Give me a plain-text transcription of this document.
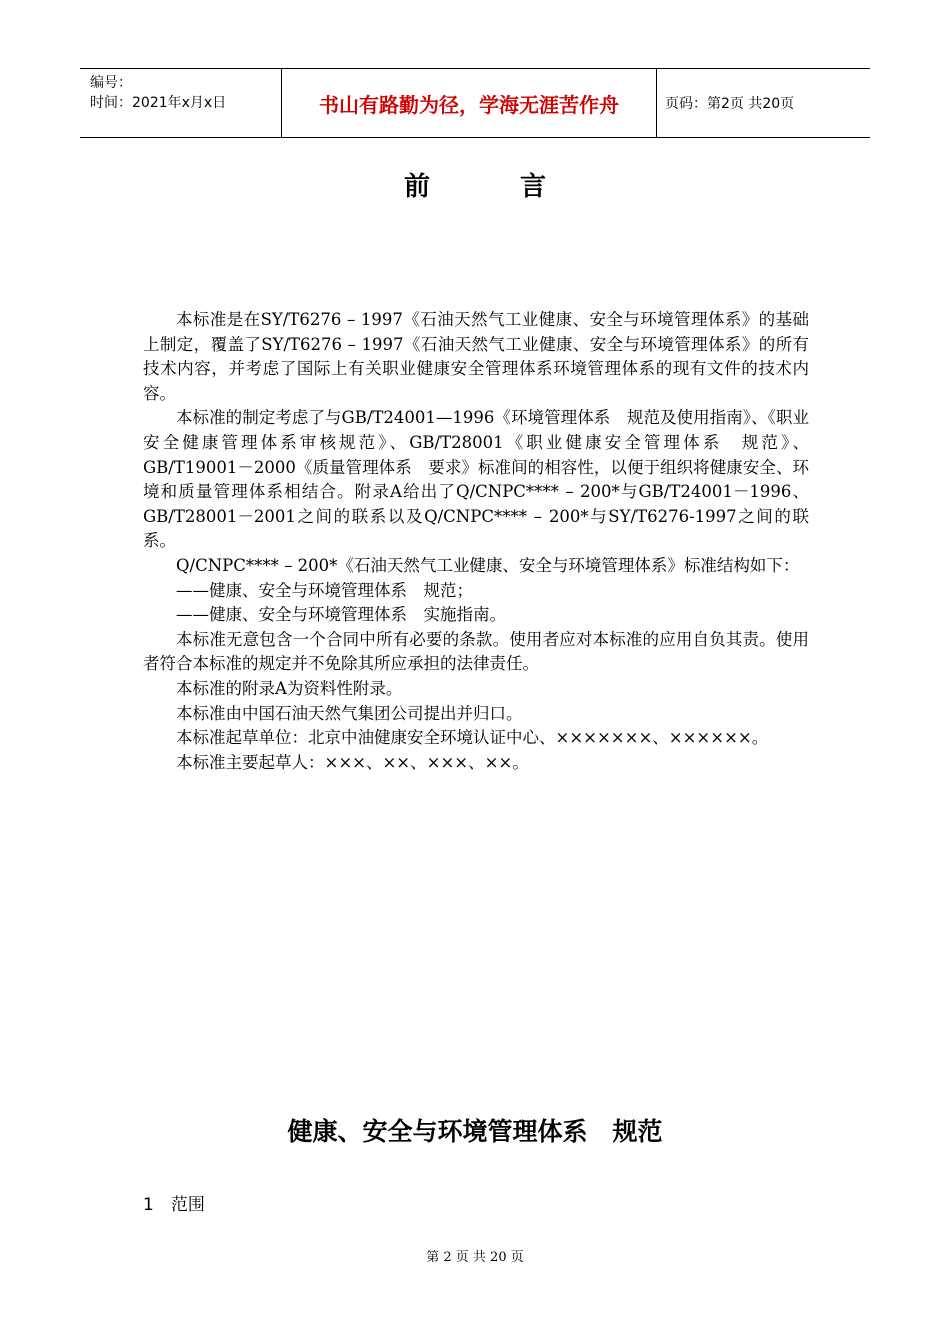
编号：
时间：2021年x月x日	书山有路勤为径，学海无涯苦作舟	页码：第2页 共20页
前言

本标准是在SY/T6276 – 1997《石油天然气工业健康、安全与环境管理体系》的基础上制定，覆盖了SY/T6276 – 1997《石油天然气工业健康、安全与环境管理体系》的所有技术内容，并考虑了国际上有关职业健康安全管理体系环境管理体系的现有文件的技术内容。

本标准的制定考虑了与GB/T24001—1996《环境管理体系　规范及使用指南》、《职业安全健康管理体系审核规范》、GB/T28001《职业健康安全管理体系　规范》、GB/T19001－2000《质量管理体系　要求》标准间的相容性，以便于组织将健康安全、环境和质量管理体系相结合。附录A给出了Q/CNPC**** – 200*与GB/T24001－1996、GB/T28001－2001之间的联系以及Q/CNPC**** – 200*与SY/T6276-1997之间的联系。

Q/CNPC**** – 200*《石油天然气工业健康、安全与环境管理体系》标准结构如下：

——健康、安全与环境管理体系　规范；

——健康、安全与环境管理体系　实施指南。

本标准无意包含一个合同中所有必要的条款。使用者应对本标准的应用自负其责。使用者符合本标准的规定并不免除其所应承担的法律责任。

本标准的附录A为资料性附录。

本标准由中国石油天然气集团公司提出并归口。

本标准起草单位：北京中油健康安全环境认证中心、×××××××、××××××。

本标准主要起草人：×××、××、×××、××。

健康、安全与环境管理体系　规范
1　范围
第 2 页 共 20 页
